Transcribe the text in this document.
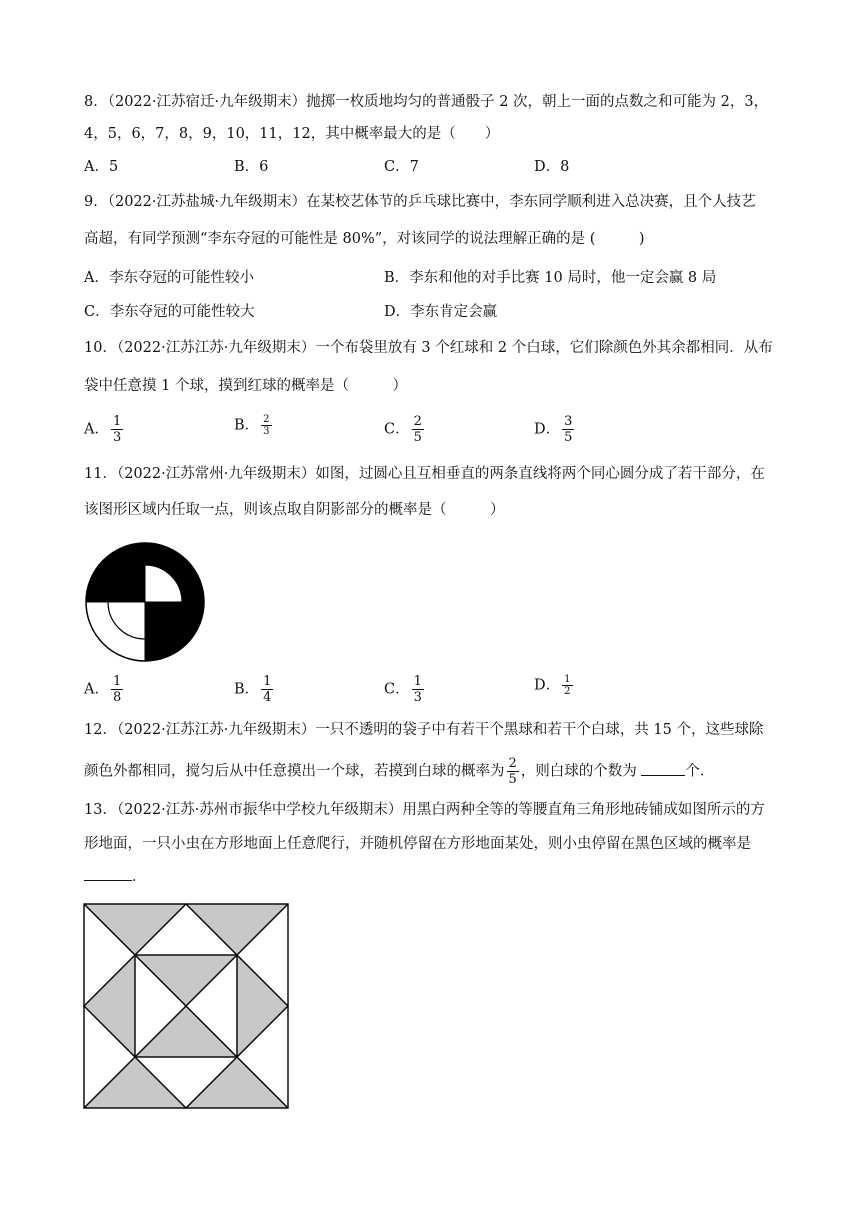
8．（2022·江苏宿迁·九年级期末）抛掷一枚质地均匀的普通骰子 2 次，朝上一面的点数之和可能为 2，3，
4，5，6，7，8，9，10，11，12，其中概率最大的是（　　）
A．5	B．6	C．7	D．8
9．（2022·江苏盐城·九年级期末）在某校艺体节的乒乓球比赛中，李东同学顺利进入总决赛，且个人技艺
高超，有同学预测“李东夺冠的可能性是 80%”，对该同学的说法理解正确的是 (　　　)
A．李东夺冠的可能性较小	B．李东和他的对手比赛 10 局时，他一定会赢 8 局
C．李东夺冠的可能性较大	D．李东肯定会赢
10．（2022·江苏江苏·九年级期末）一个布袋里放有 3 个红球和 2 个白球，它们除颜色外其余都相同．从布
袋中任意摸 1 个球，摸到红球的概率是（　　　）
A． $\frac{1}{3}$	B． $\frac{2}{3}$	C． $\frac{2}{5}$	D． $\frac{3}{5}$
11．（2022·江苏常州·九年级期末）如图，过圆心且互相垂直的两条直线将两个同心圆分成了若干部分，在
该图形区域内任取一点，则该点取自阴影部分的概率是（　　　）
A． $\frac{1}{8}$	B． $\frac{1}{4}$	C． $\frac{1}{3}$	D． $\frac{1}{2}$
12．（2022·江苏江苏·九年级期末）一只不透明的袋子中有若干个黑球和若干个白球，共 15 个，这些球除
颜色外都相同，搅匀后从中任意摸出一个球，若摸到白球的概率为 $\frac{2}{5}$ ，则白球的个数为	个．
13．（2022·江苏·苏州市振华中学校九年级期末）用黑白两种全等的等腰直角三角形地砖铺成如图所示的方
形地面，一只小虫在方形地面上任意爬行，并随机停留在方形地面某处，则小虫停留在黑色区域的概率是
．
